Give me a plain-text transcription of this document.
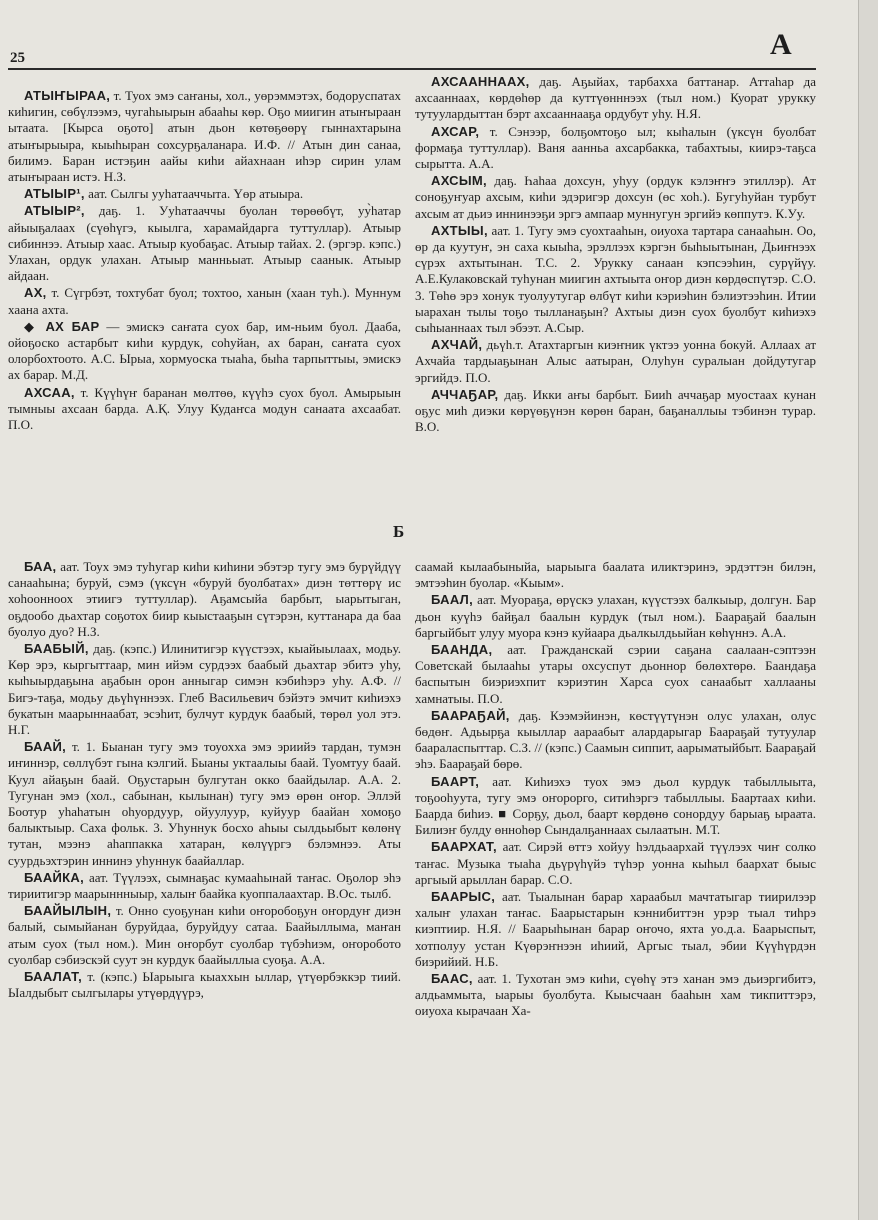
25	А

АТЫҤЫРАА, т. Туох эмэ саҥаны, хол., уөрэммэтэх, бодоруспатах киһигин, сөбүлээмэ, чугаһыырын абааһы көр. Оҕо миигин атыҥыраан ытаата. [Кырса оҕото] атын дьон көтөҕөөрү гыннахтарына атыҥырыыра, кыыһыран сохсурҕаланара. И.Ф. // Атын дин санаа, билимэ. Баран истэҕин аайы киһи айахнаан иһэр сирин улам атыҥыраан истэ. Н.З.

АТЫЫР¹, аат. Сылгы ууһатааччыта. Үөр атыыра.

АТЫЫР², даҕ. 1. Ууһатааччы буолан төрөөбүт, уу̀һатар айыыҕалаах (сүөһүгэ, кыылга, харамайдарга туттуллар). Атыыр сибиннээ. Атыыр хаас. Атыыр куобаҕас. Атыыр тайах. 2. (эргэр. кэпс.) Улахан, ордук улахан. Атыыр манньыат. Атыыр саанык. Атыыр айдаан.

АХ, т. Сүгрбэт, тохтубат буол; тохтоо, ханын (хаан туһ.). Муннум хаана ахта.

◆ АХ БАР — эмискэ саҥата суох бар, им-ньим буол. Дааба, ойоҕоско астарбыт киһи курдук, соһуйан, ах баран, саҥата суох олорбохтоото. А.С. Ырыа, хормуоска тыаһа, быһа тарпыттыы, эмискэ ах барар. М.Д.

АХСАА, т. Күүһүҥ баранан мөлтөө, күүһэ суох буол. Амырыын тымныы ахсаан барда. А.Қ. Улуу Кудаҥса модун санаата ахсаабат. П.О.

АХСААННААХ, даҕ. Аҕыйах, тарбахха баттанар. Аттаһар да ахсааннаах, көрдөһөр да куттүөнннээх (тыл ном.) Куорат урукку тутуулардыттан бэрт ахсааннааҕа ордубут уһу. Н.Я.

АХСАР, т. Сэнээр, болҕомтоҕо ыл; кыһалын (үксүн буолбат формаҕа туттуллар). Ваня аанньа ахсарбакка, табахтыы, киирэ-таҕса сырытта. А.А.

АХСЫМ, даҕ. Һаһаа дохсун, уһуу (ордук кэлэҥҥэ этиллэр). Ат соноҕуҥуар ахсым, киһи эдэригэр дохсун (өс хоһ.). Бугуһуйан турбут ахсым ат дьиэ иннинээҕи эргэ ампаар муннугун эргийэ көппутэ. К.Уу.

АХТЫЫ, аат. 1. Тугу эмэ суохтааһын, оиуоха тартара санааһын. Оо, өр да куутуҥ, эн саха кыыһа, эрэллээх кэргэн быһыытынан, Дьиҥнээх сүрэх ахтытынан. Т.С. 2. Урукку санаан кэпсээһин, сурүйүу. А.Е.Кулаковскай туһунан миигин ахтыыта оҥор диэн көрдөспүтэр. С.О. 3. Төһө эрэ хонук туолуутугар өлбүт киһи кэриэһин бэлиэтээһин. Итии ыарахан тылы тоҕо тылланаҕын? Ахтыы диэн суох буолбут киһиэхэ сыһыаннаах тыл эбээт. А.Сыр.

АХЧАЙ, дьүһ.т. Атахтаргын киэҥник үктээ уонна бокуй. Аллаах ат Ахчайа тардыаҕынан Алыс аатыран, Олуһун суралыан дойдутугар эргийдэ. П.О.

АЧЧАҔАР, даҕ. Икки аҥы барбыт. Бииһ аччаҕар муостаах кунан оҕус миһ диэки көрүөҕүнэн көрөн баран, баҕаналлыы тэбинэн турар. В.О.

Б

БАА, аат. Тоух эмэ туһугар киһи киһини эбэтэр тугу эмэ бурүйдүү санааһына; буруй, сэмэ (үксүн «буруй буолбатах» диэн төттөрү ис хоһоонноох этиигэ туттуллар). Аҕамсыйа барбыт, ыарытыган, оҕдообо дьахтар соҕотох биир кыыстааҕын сүтэрэн, куттанара да баа буолуо дуо? Н.З.

БААБЫЙ, даҕ. (кэпс.) Илинитигэр күүстээх, кыайыылаах, модьу. Көр эрэ, кыргыттаар, мин ийэм сурдээх баабый дьахтар эбитэ уһу, кыһыырдаҕына аҕабын орон анныгар симэн кэбиһэрэ уһу. А.Ф. // Бигэ-таҕа, модьу дьүһүннээх. Глеб Васильевич бэйэтэ эмчит киһиэхэ букатын маарыннаабат, эсэһит, булчут курдук баабый, төрөл уол этэ. Н.Г.

БААЙ, т. 1. Быанан тугу эмэ тоуохха эмэ эриийэ тардан, тумэн иҥиннэр, сөллүбэт гына кэлгий. Быаны уктаалыы баай. Туомтуу баай. Куул айаҕын баай. Оҕустарын булгутан окко баайдылар. А.А. 2. Тугунан эмэ (хол., сабынан, кылынан) тугу эмэ өрөн оҥор. Эллэй Боотур уһаһатын оһуордуур, ойуулуур, куйуур баайан хомоҕо балыктыыр. Саха фольк. 3. Уһуннук босхо аһыы сылдьыбыт көлөнү тутан, мээнэ аһаппакка хатаран, көлүүргэ бэлэмнээ. Аты суурдьэхтэрин иннинэ уһуннук баайаллар.

БААЙКА, аат. Түүлээх, сымнаҕас кумааһынай таҥас. Оҕолор эһэ тириитигэр маарыннныыр, халыҥ баайка куоппалаахтар. В.Ос. тылб.

БААЙЫЛЫН, т. Онно суоҕунан киһи оҥоробоҕун оҥордуҥ диэн балый, сымыйанан буруйдаа, буруйдуу сатаа. Баайыллыма, маҥан атым суох (тыл ном.). Мин оҥорбут суолбар түбэһиэм, оҥоробото суолбар сэбиэскэй суут эн курдук баайыллыа суоҕа. А.А.

БААЛАТ, т. (кэпс.) Ыарыыга кыаххын ыллар, үтүөрбэккэр тиий. Ыалдыбыт сылгылары утүөрдүүрэ,

саамай кылаабыныйа, ыарыыга баалата иликтэринэ, эрдэттэн билэн, эмтээһин буолар. «Кыым».

БААЛ, аат. Муораҕа, өрүскэ улахан, күүстээх балкыыр, долгун. Бар дьон куүһэ байҕал баалын курдук (тыл ном.). Баараҕай баалын баргыйбыт улуу муора кэнэ куйаара дьалкылдьыйан көһүннэ. А.А.

БААНДА, аат. Гражданскай сэрии саҕана саалаан-сэптээн Советскай былааһы утары охсуспут дьоннор бөлөхтөрө. Баандаҕа баспытын биэриэхпит кэриэтин Харса суох санаабыт халлааны хамнатыы. П.О.

БААРАҔАЙ, даҕ. Кээмэйинэн, көстүүтүнэн олус улахан, олус бөдөҥ. Адьырҕа кыыллар аараабыт алардарыгар Баараҕай тутуулар баараласпыттар. С.З. // (кэпс.) Саамын сиппит, аарыматыйбыт. Баараҕай эһэ. Баараҕай бөрө.

БААРТ, аат. Киһиэхэ туох эмэ дьол курдук табыллыыта, тоҕооһуута, тугу эмэ оҥорорго, ситиһэргэ табыллыы. Баартаах киһи. Баарда биһиэ. ■ Сорҕу, дьол, баарт көрдөнө сонордуу барыаҕ ыраата. Билиэҥ булду өнноһөр Сындалҕаннаах сылаатын. М.Т.

БААРХАТ, аат. Сирэй өттэ хойуу һэлдьаархай түүлээх чиҥ солко таҥас. Музыка тыаһа дьүрүһүйэ түһэр уонна кыһыл баархат быыс аргыый арыллан барар. С.О.

БААРЫС, аат. Тыалынан барар хараабыл мачтатыгар тиирилээр халыҥ улахан таҥас. Баарыстарын кэннибиттэн урэр тыал тиһрэ киэптиир. Н.Я. // Баарыһынан барар оҥочо, яхта уо.д.а. Баарыспыт, хотполуу устан Күөрэҥнээн иһиий, Аргыс тыал, эбии Күүһүрдэн биэрийий. Н.Б.

БААС, аат. 1. Тухотан эмэ киһи, сүөһү этэ ханан эмэ дьиэргибитэ, алдьаммыта, ыарыы буолбута. Кыысчаан бааһын хам тикпиттэрэ, оиуоха кырачаан Ха-
